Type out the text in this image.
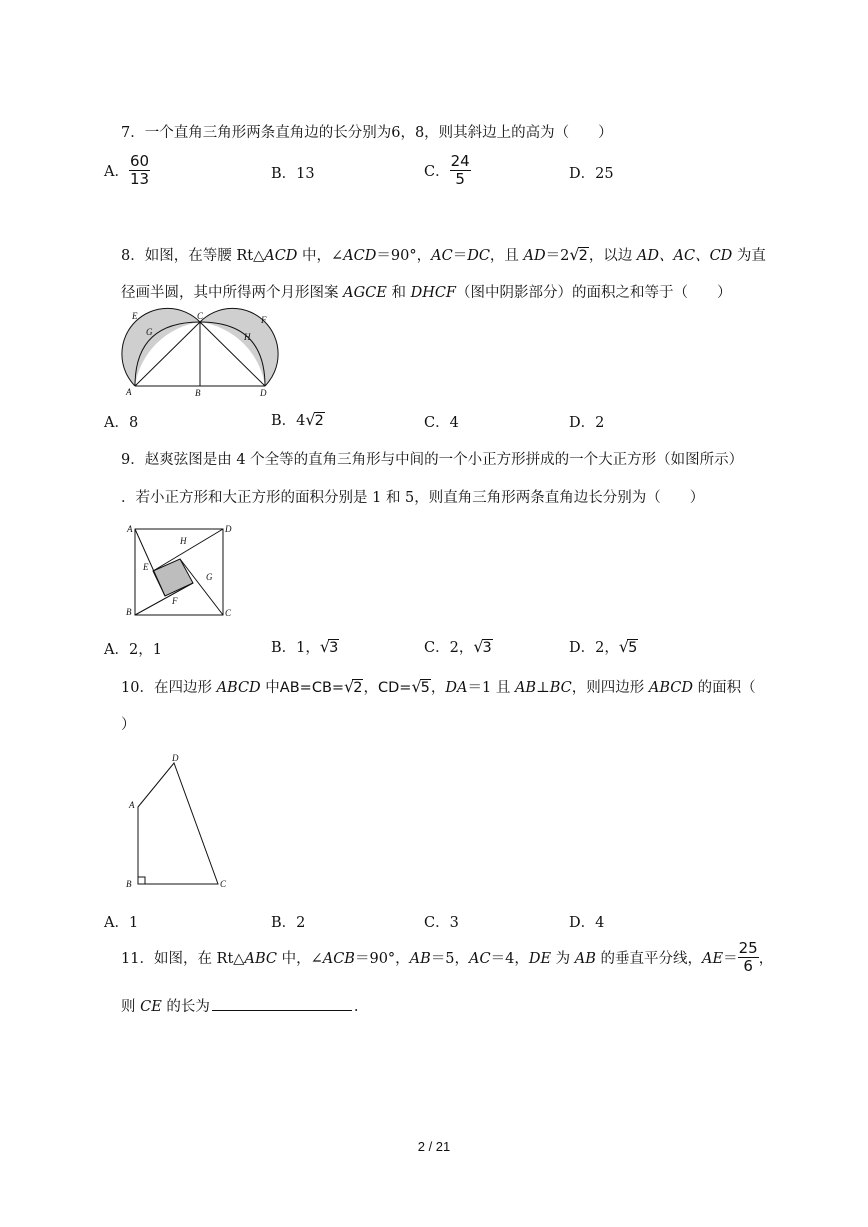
7．一个直角三角形两条直角边的长分别为6，8，则其斜边上的高为（　　）
A． $\frac{60}{13}$	B．13	C． $\frac{24}{5}$	D．25
8．如图，在等腰 Rt△ACD 中，∠ACD＝90°，AC＝DC，且 AD＝2√2，以边 AD、AC、CD 为直
径画半圆，其中所得两个月形图案 AGCE 和 DHCF（图中阴影部分）的面积之和等于（　　）
E
G
C	F
H
A	B	D
A．8	B．4√2	C．4	D．2
9．赵爽弦图是由 4 个全等的直角三角形与中间的一个小正方形拼成的一个大正方形（如图所示）
．若小正方形和大正方形的面积分别是 1 和 5，则直角三角形两条直角边长分别为（　　）
A	D
H
E
G
F
B	C
A．2，1	B．1，√3	C．2，√3	D．2，√5
10．在四边形 ABCD 中AB=CB=√2，CD=√5，DA＝1 且 AB⊥BC，则四边形 ABCD 的面积（
）
D
A
B	C
A．1	B．2	C．3	D．4
11．如图，在 Rt△ABC 中，∠ACB＝90°，AB＝5，AC＝4，DE 为 AB 的垂直平分线，$AE= \frac{25}{6}$ ，
则 CE 的长为	.
2 / 21
